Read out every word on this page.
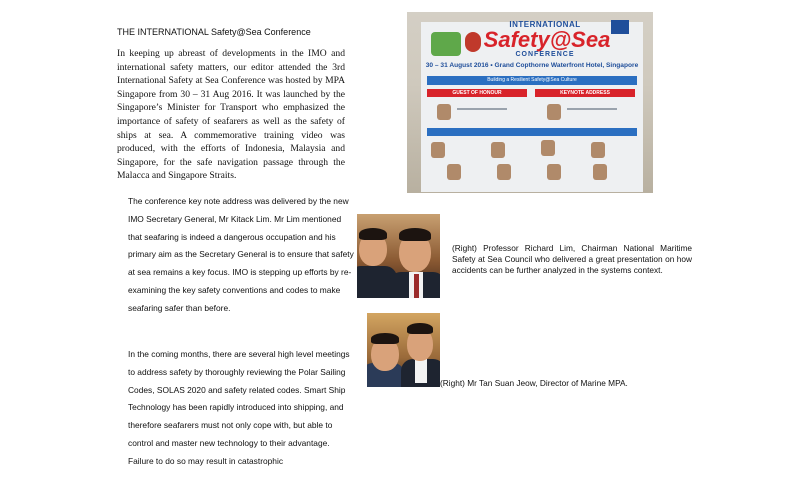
THE INTERNATIONAL Safety@Sea Conference

In keeping up abreast of developments in the IMO and international safety matters, our editor attended the 3rd International Safety at Sea Conference was hosted by MPA Singapore from 30 – 31 Aug 2016. It was launched by the Singapore’s Minister for Transport who emphasized the importance of safety of seafarers as well as the safety of ships at sea. A commemorative training video was produced, with the efforts of Indonesia, Malaysia and Singapore, for the safe navigation passage through the Malacca and Singapore Straits.

The conference key note address was delivered by the new IMO Secretary General, Mr Kitack Lim. Mr Lim mentioned that seafaring is indeed a dangerous occupation and his primary aim as the Secretary General is to ensure that safety at sea remains a key focus. IMO is stepping up efforts by re-examining the key safety conventions and codes to make seafaring safer than before.

In the coming months, there are several high level meetings to address safety by thoroughly reviewing the Polar Sailing Codes, SOLAS 2020 and safety related codes. Smart Ship Technology has been rapidly introduced into shipping, and therefore seafarers must not only cope with, but able to control and master new technology to their advantage. Failure to do so may result in catastrophic

INTERNATIONAL
Safety@Sea
CONFERENCE
30 – 31 August 2016 • Grand Copthorne Waterfront Hotel, Singapore
Building a Resilient Safety@Sea Culture
GUEST OF HONOUR	KEYNOTE ADDRESS

(Right) Professor Richard Lim, Chairman National Maritime Safety at Sea Council who delivered a great presentation on how accidents can be further analyzed in the systems context.

(Right) Mr Tan Suan Jeow, Director of Marine MPA.
